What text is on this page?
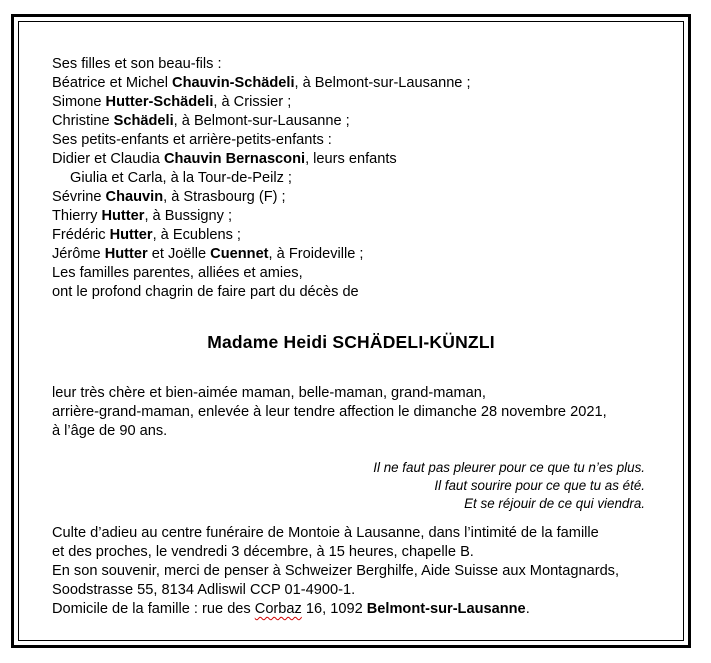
Ses filles et son beau-fils :
Béatrice et Michel Chauvin-Schädeli, à Belmont-sur-Lausanne ;
Simone Hutter-Schädeli, à Crissier ;
Christine Schädeli, à Belmont-sur-Lausanne ;
Ses petits-enfants et arrière-petits-enfants :
Didier et Claudia Chauvin Bernasconi, leurs enfants
Giulia et Carla, à la Tour-de-Peilz ;
Sévrine Chauvin, à Strasbourg (F) ;
Thierry Hutter, à Bussigny ;
Frédéric Hutter, à Ecublens ;
Jérôme Hutter et Joëlle Cuennet, à Froideville ;
Les familles parentes, alliées et amies,
ont le profond chagrin de faire part du décès de
Madame Heidi SCHÄDELI-KÜNZLI
leur très chère et bien-aimée maman, belle-maman, grand-maman,
arrière-grand-maman, enlevée à leur tendre affection le dimanche 28 novembre 2021,
à l’âge de 90 ans.
Il ne faut pas pleurer pour ce que tu n’es plus.
Il faut sourire pour ce que tu as été.
Et se réjouir de ce qui viendra.
Culte d’adieu au centre funéraire de Montoie à Lausanne, dans l’intimité de la famille
et des proches, le vendredi 3 décembre, à 15 heures, chapelle B.
En son souvenir, merci de penser à Schweizer Berghilfe, Aide Suisse aux Montagnards,
Soodstrasse 55, 8134 Adliswil CCP 01-4900-1.
Domicile de la famille : rue des Corbaz 16, 1092 Belmont-sur-Lausanne.
